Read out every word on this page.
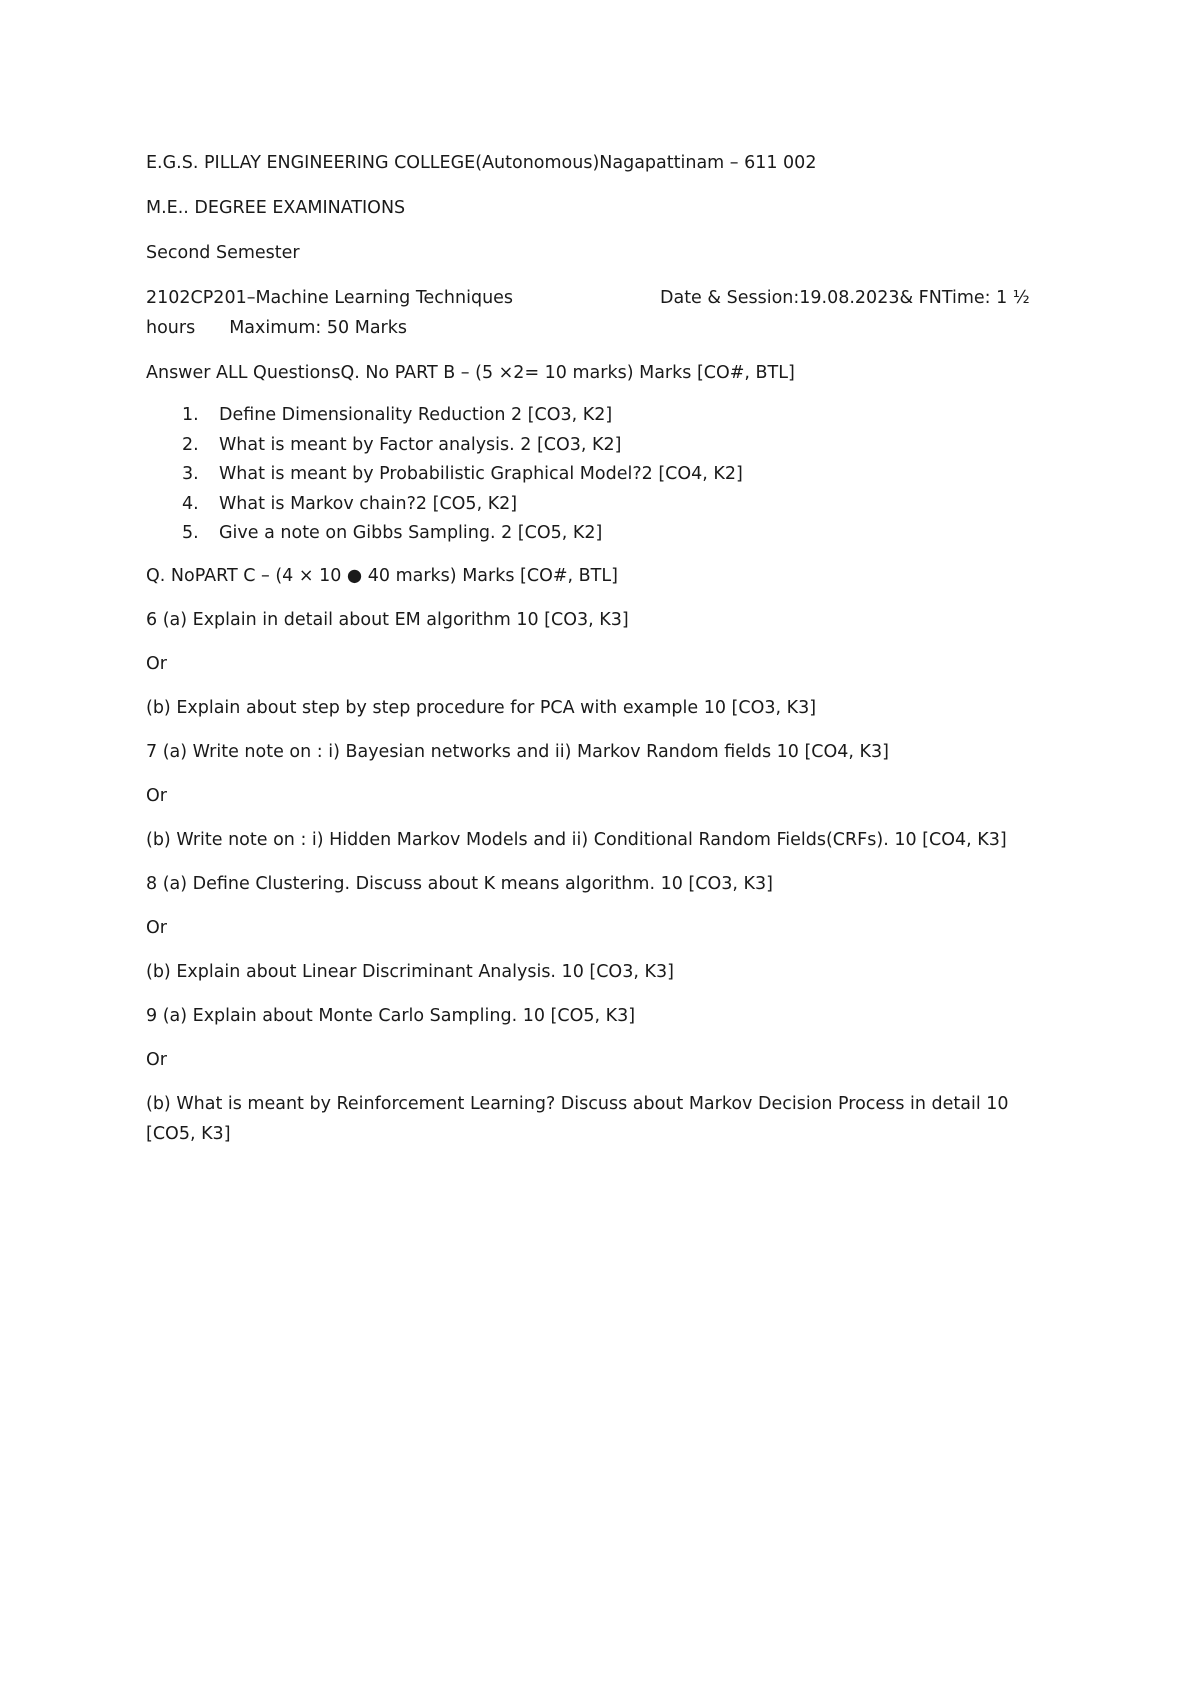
E.G.S. PILLAY ENGINEERING COLLEGE(Autonomous)Nagapattinam – 611 002
M.E.. DEGREE EXAMINATIONS
Second Semester
2102CP201–Machine Learning Techniques	Date & Session:19.08.2023& FNTime: 1 ½
hours Maximum: 50 Marks
Answer ALL QuestionsQ. No PART B – (5 ×2= 10 marks) Marks [CO#, BTL]
1. Define Dimensionality Reduction 2 [CO3, K2]
2. What is meant by Factor analysis. 2 [CO3, K2]
3. What is meant by Probabilistic Graphical Model?2 [CO4, K2]
4. What is Markov chain?2 [CO5, K2]
5. Give a note on Gibbs Sampling. 2 [CO5, K2]
Q. NoPART C – (4 × 10 ● 40 marks) Marks [CO#, BTL]
6 (a) Explain in detail about EM algorithm 10 [CO3, K3]
Or
(b) Explain about step by step procedure for PCA with example 10 [CO3, K3]
7 (a) Write note on : i) Bayesian networks and ii) Markov Random fields 10 [CO4, K3]
Or
(b) Write note on : i) Hidden Markov Models and ii) Conditional Random Fields(CRFs). 10 [CO4, K3]
8 (a) Define Clustering. Discuss about K means algorithm. 10 [CO3, K3]
Or
(b) Explain about Linear Discriminant Analysis. 10 [CO3, K3]
9 (a) Explain about Monte Carlo Sampling. 10 [CO5, K3]
Or
(b) What is meant by Reinforcement Learning? Discuss about Markov Decision Process in detail 10 [CO5, K3]
